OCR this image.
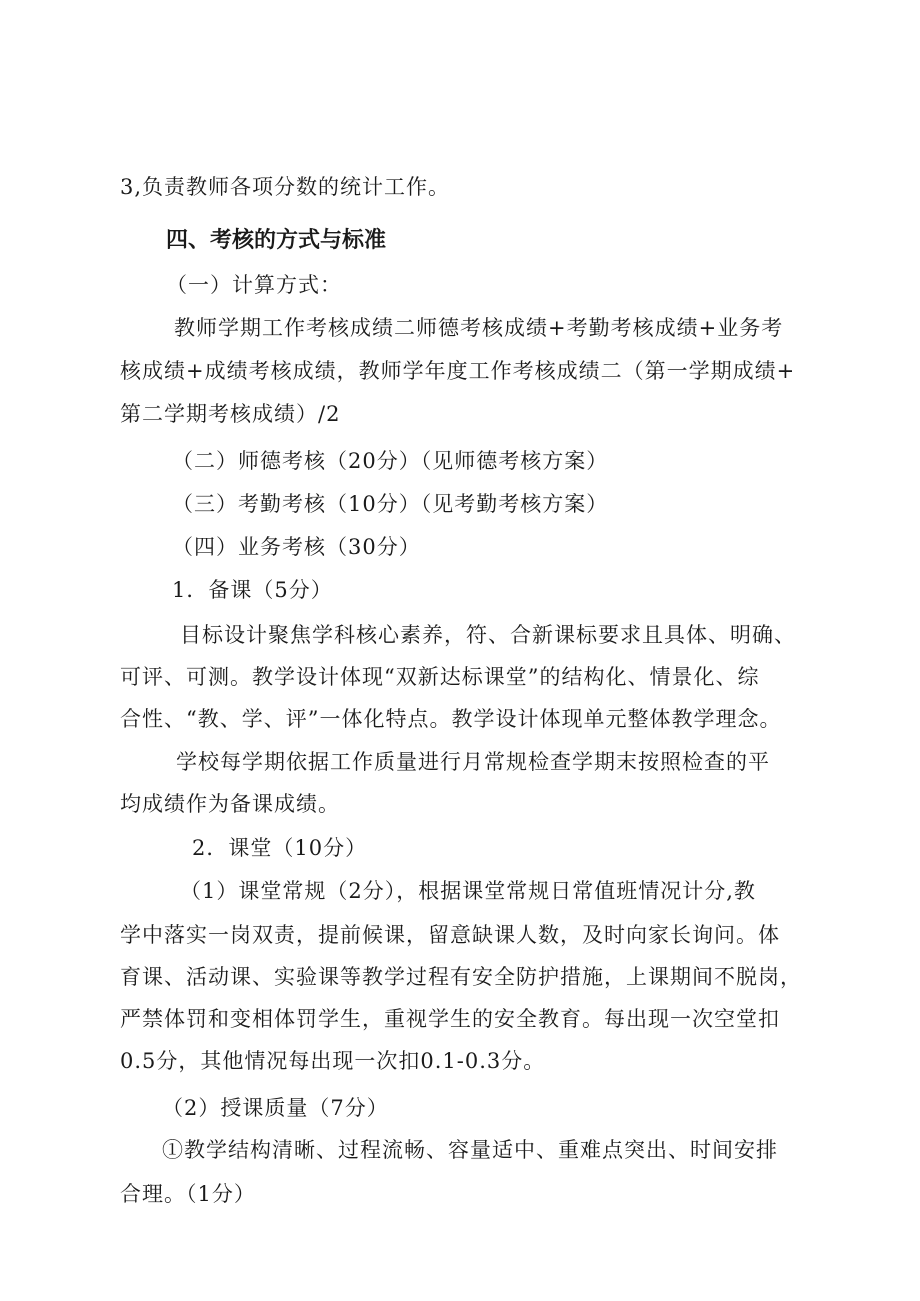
3,负责教师各项分数的统计工作。
四、考核的方式与标准
（一）计算方式：
教师学期工作考核成绩二师德考核成绩+考勤考核成绩+业务考
核成绩+成绩考核成绩，教师学年度工作考核成绩二（第一学期成绩+
第二学期考核成绩）/2
（二）师德考核（20分）（见师德考核方案）
（三）考勤考核（10分）（见考勤考核方案）
（四）业务考核（30分）
1．备课（5分）
目标设计聚焦学科核心素养，符、合新课标要求且具体、明确、
可评、可测。教学设计体现“双新达标课堂”的结构化、情景化、综
合性、“教、学、评”一体化特点。教学设计体现单元整体教学理念。
学校每学期依据工作质量进行月常规检查学期末按照检查的平
均成绩作为备课成绩。
2．课堂（10分）
（1）课堂常规（2分），根据课堂常规日常值班情况计分,教
学中落实一岗双责，提前候课，留意缺课人数，及时向家长询问。体
育课、活动课、实验课等教学过程有安全防护措施，上课期间不脱岗，
严禁体罚和变相体罚学生，重视学生的安全教育。每出现一次空堂扣
0.5分，其他情况每出现一次扣0.1-0.3分。
（2）授课质量（7分）
①教学结构清晰、过程流畅、容量适中、重难点突出、时间安排
合理。（1分）
